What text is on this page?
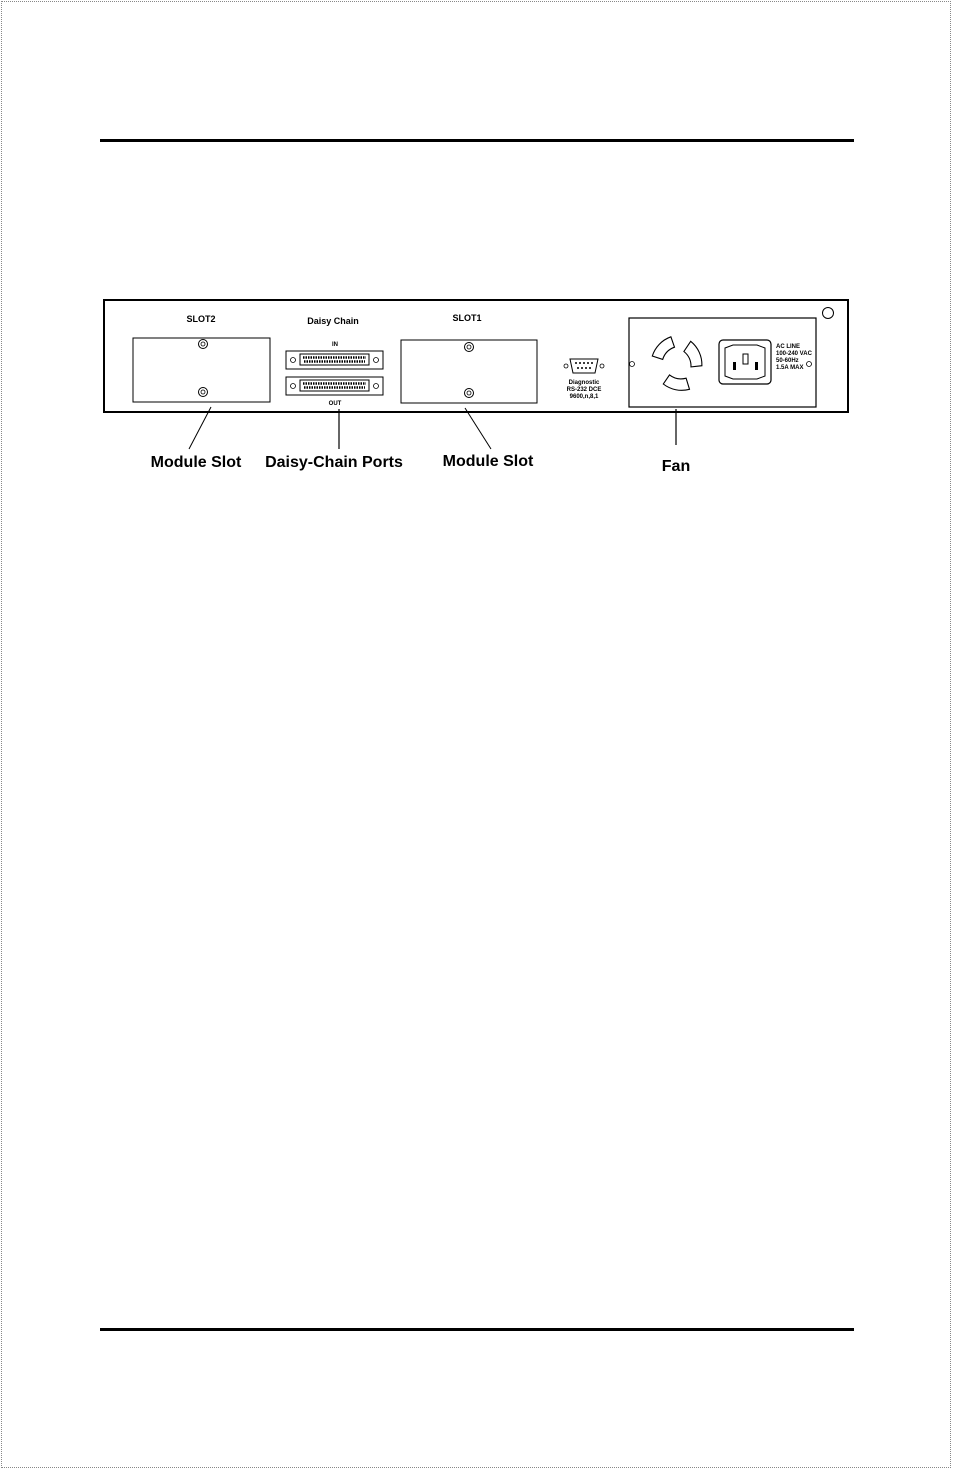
SLOT2	Daisy Chain
IN
OUT
SLOT1
Diagnostic
RS-232 DCE
9600,n,8,1
AC LINE
100-240 VAC
50-60Hz
1.5A MAX
Module Slot Daisy-Chain Ports Module Slot	Fan
